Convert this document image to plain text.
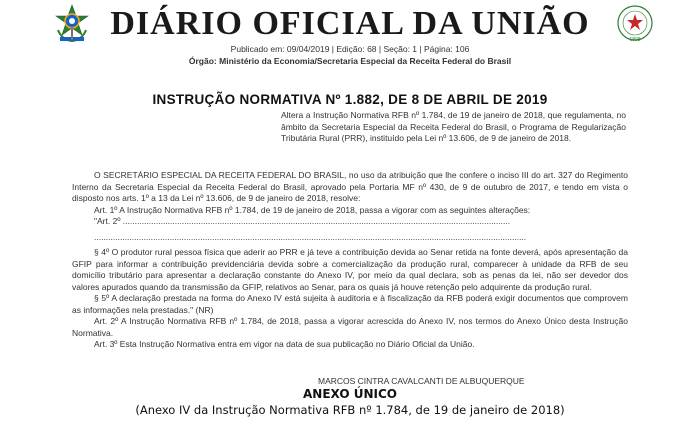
DIÁRIO OFICIAL DA UNIÃO	1808
Publicado em: 09/04/2019 | Edição: 68 | Seção: 1 | Página: 106
Órgão: Ministério da Economia/Secretaria Especial da Receita Federal do Brasil
INSTRUÇÃO NORMATIVA Nº 1.882, DE 8 DE ABRIL DE 2019
Altera a Instrução Normativa RFB nº 1.784, de 19 de janeiro de 2018, que regulamenta, no âmbito da Secretaria Especial da Receita Federal do Brasil, o Programa de Regularização Tributária Rural (PRR), instituído pela Lei nº 13.606, de 9 de janeiro de 2018.

O SECRETÁRIO ESPECIAL DA RECEITA FEDERAL DO BRASIL, no uso da atribuição que lhe confere o inciso III do art. 327 do Regimento Interno da Secretaria Especial da Receita Federal do Brasil, aprovado pela Portaria MF nº 430, de 9 de outubro de 2017, e tendo em vista o disposto nos arts. 1º a 13 da Lei nº 13.606, de 9 de janeiro de 2018, resolve:

Art. 1º A Instrução Normativa RFB nº 1.784, de 19 de janeiro de 2018, passa a vigorar com as seguintes alterações:

"Art. 2º ....................................................................................................................................................................

.......................................................................................................................................................................................

§ 4º O produtor rural pessoa física que aderir ao PRR e já teve a contribuição devida ao Senar retida na fonte deverá, após apresentação da GFIP para informar a contribuição previdenciária devida sobre a comercialização da produção rural, comparecer à unidade da RFB de seu domicílio tributário para apresentar a declaração constante do Anexo IV, por meio da qual declara, sob as penas da lei, não ser devedor dos valores apurados quando da transmissão da GFIP, relativos ao Senar, para os quais já houve retenção pelo adquirente da produção rural.

§ 5º A declaração prestada na forma do Anexo IV está sujeita à auditoria e à fiscalização da RFB poderá exigir documentos que comprovem as informações nela prestadas." (NR)

Art. 2º A Instrução Normativa RFB nº 1.784, de 2018, passa a vigorar acrescida do Anexo IV, nos termos do Anexo Único desta Instrução Normativa.

Art. 3º Esta Instrução Normativa entra em vigor na data de sua publicação no Diário Oficial da União.

MARCOS CINTRA CAVALCANTI DE ALBUQUERQUE
ANEXO ÚNICO
(Anexo IV da Instrução Normativa RFB nº 1.784, de 19 de janeiro de 2018)
